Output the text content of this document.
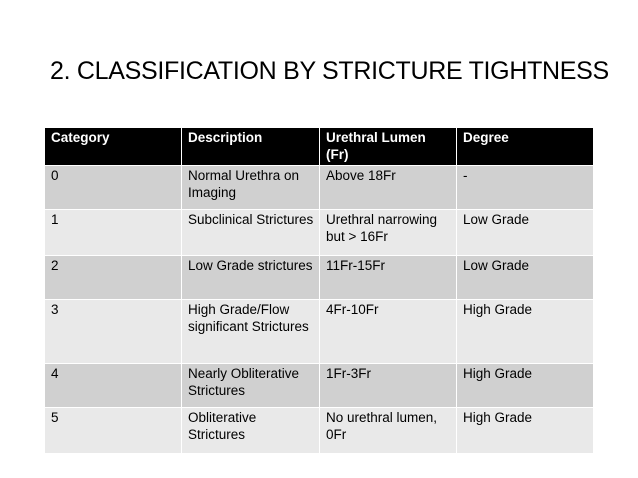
2. CLASSIFICATION BY STRICTURE TIGHTNESS
Category	Description	Urethral Lumen (Fr)	Degree
0	Normal Urethra on Imaging	Above 18Fr	-
1	Subclinical Strictures	Urethral narrowing but > 16Fr	Low Grade
2	Low Grade strictures	11Fr-15Fr	Low Grade
3	High Grade/Flow significant Strictures	4Fr-10Fr	High Grade
4	Nearly Obliterative Strictures	1Fr-3Fr	High Grade
5	Obliterative Strictures	No urethral lumen, 0Fr	High Grade
